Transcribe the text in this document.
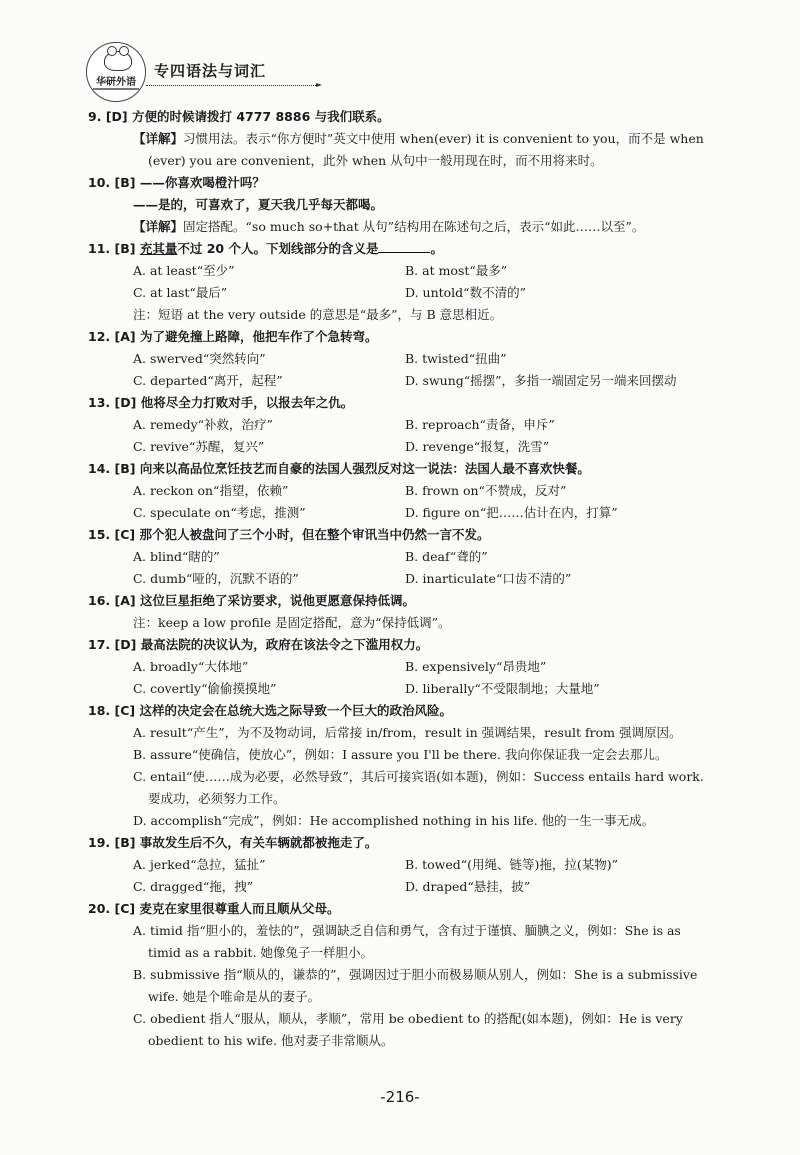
华研外语
专四语法与词汇
9. [D] 方便的时候请拨打 4777 8886 与我们联系。
【详解】习惯用法。表示“你方便时”英文中使用 when(ever) it is convenient to you，而不是 when
(ever) you are convenient，此外 when 从句中一般用现在时，而不用将来时。
10. [B] ——你喜欢喝橙汁吗？
——是的，可喜欢了，夏天我几乎每天都喝。
【详解】固定搭配。“so much so+that 从句”结构用在陈述句之后，表示“如此……以至”。
11. [B] 充其量不过 20 个人。下划线部分的含义是	。
A. at least“至少”	B. at most“最多”
C. at last“最后”	D. untold“数不清的”
注：短语 at the very outside 的意思是“最多”，与 B 意思相近。
12. [A] 为了避免撞上路障，他把车作了个急转弯。
A. swerved“突然转向”	B. twisted“扭曲”
C. departed“离开，起程”	D. swung“摇摆”，多指一端固定另一端来回摆动
13. [D] 他将尽全力打败对手，以报去年之仇。
A. remedy“补救，治疗”	B. reproach“责备，申斥”
C. revive“苏醒，复兴”	D. revenge“报复，洗雪”
14. [B] 向来以高品位烹饪技艺而自豪的法国人强烈反对这一说法：法国人最不喜欢快餐。
A. reckon on“指望，依赖”	B. frown on“不赞成，反对”
C. speculate on“考虑，推测”	D. figure on“把……估计在内，打算”
15. [C] 那个犯人被盘问了三个小时，但在整个审讯当中仍然一言不发。
A. blind“瞎的”	B. deaf“聋的”
C. dumb“哑的，沉默不语的”	D. inarticulate“口齿不清的”
16. [A] 这位巨星拒绝了采访要求，说他更愿意保持低调。
注：keep a low profile 是固定搭配，意为“保持低调”。
17. [D] 最高法院的决议认为，政府在该法令之下滥用权力。
A. broadly“大体地”	B. expensively“昂贵地”
C. covertly“偷偷摸摸地”	D. liberally“不受限制地；大量地”
18. [C] 这样的决定会在总统大选之际导致一个巨大的政治风险。
A. result“产生”，为不及物动词，后常接 in/from，result in 强调结果，result from 强调原因。
B. assure“使确信，使放心”，例如：I assure you I'll be there. 我向你保证我一定会去那儿。
C. entail“使……成为必要，必然导致”，其后可接宾语(如本题)，例如：Success entails hard work.
要成功，必须努力工作。
D. accomplish“完成”，例如：He accomplished nothing in his life. 他的一生一事无成。
19. [B] 事故发生后不久，有关车辆就都被拖走了。
A. jerked“急拉，猛扯”	B. towed“(用绳、链等)拖，拉(某物)”
C. dragged“拖，拽”	D. draped“悬挂，披”
20. [C] 麦克在家里很尊重人而且顺从父母。
A. timid 指“胆小的，羞怯的”，强调缺乏自信和勇气，含有过于谨慎、腼腆之义，例如：She is as
timid as a rabbit. 她像兔子一样胆小。
B. submissive 指“顺从的，谦恭的”，强调因过于胆小而极易顺从别人，例如：She is a submissive
wife. 她是个唯命是从的妻子。
C. obedient 指人“服从，顺从，孝顺”，常用 be obedient to 的搭配(如本题)，例如：He is very
obedient to his wife. 他对妻子非常顺从。
-216-
